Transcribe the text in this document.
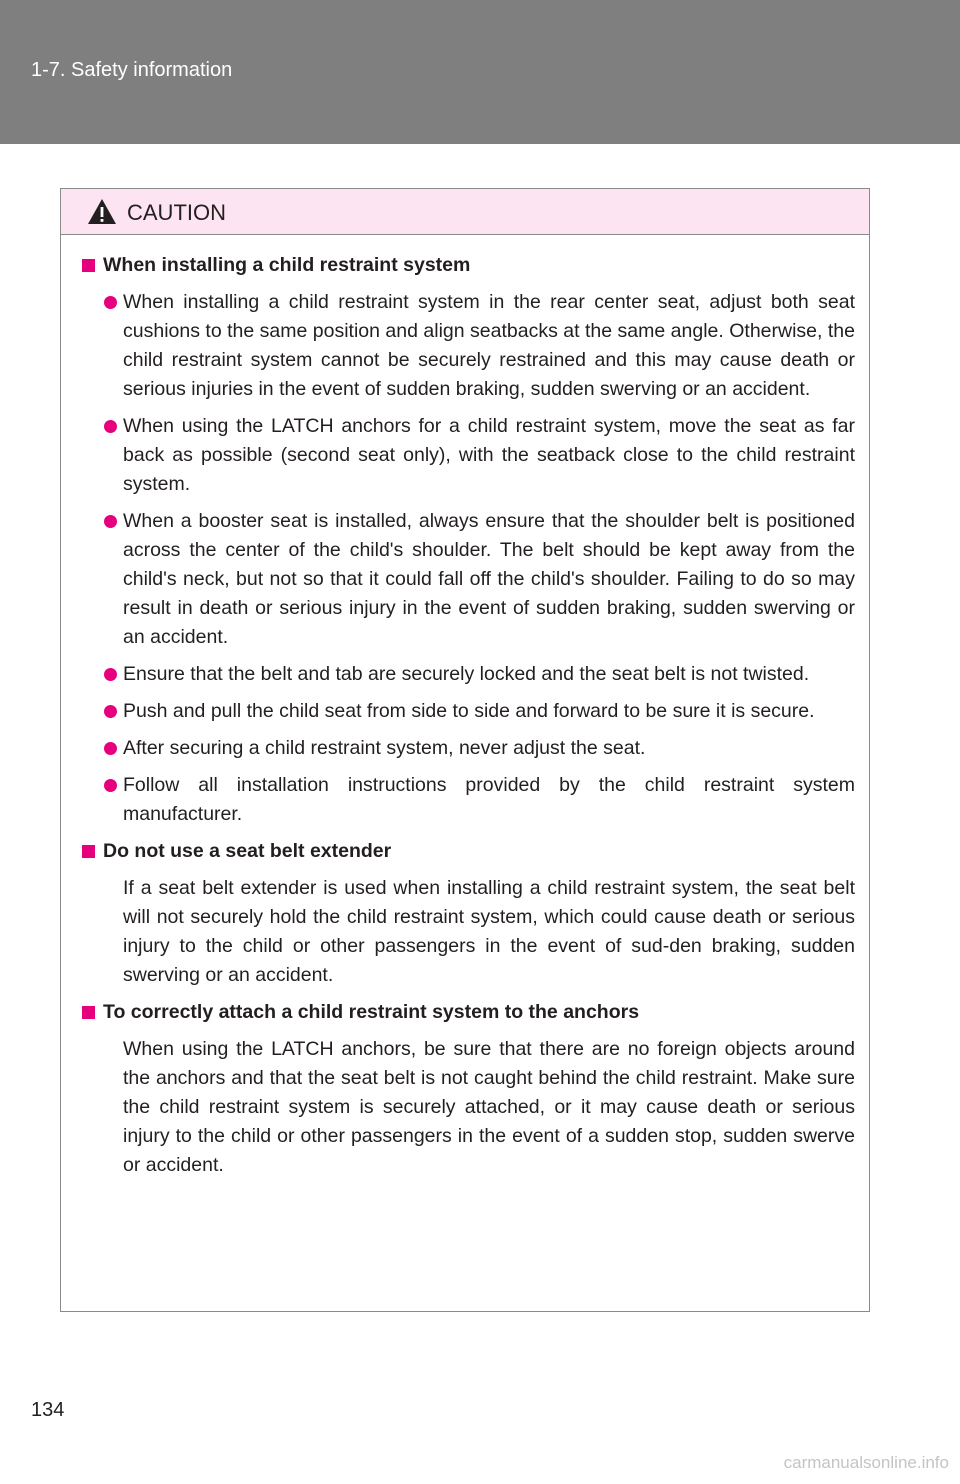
1-7. Safety information
CAUTION
When installing a child restraint system
When installing a child restraint system in the rear center seat, adjust both seat cushions to the same position and align seatbacks at the same angle. Otherwise, the child restraint system cannot be securely restrained and this may cause death or serious injuries in the event of sudden braking, sudden swerving or an accident.
When using the LATCH anchors for a child restraint system, move the seat as far back as possible (second seat only), with the seatback close to the child restraint system.
When a booster seat is installed, always ensure that the shoulder belt is positioned across the center of the child's shoulder. The belt should be kept away from the child's neck, but not so that it could fall off the child's shoulder. Failing to do so may result in death or serious injury in the event of sudden braking, sudden swerving or an accident.
Ensure that the belt and tab are securely locked and the seat belt is not twisted.
Push and pull the child seat from side to side and forward to be sure it is secure.
After securing a child restraint system, never adjust the seat.
Follow all installation instructions provided by the child restraint system manufacturer.
Do not use a seat belt extender
If a seat belt extender is used when installing a child restraint system, the seat belt will not securely hold the child restraint system, which could cause death or serious injury to the child or other passengers in the event of sud-den braking, sudden swerving or an accident.
To correctly attach a child restraint system to the anchors
When using the LATCH anchors, be sure that there are no foreign objects around the anchors and that the seat belt is not caught behind the child restraint. Make sure the child restraint system is securely attached, or it may cause death or serious injury to the child or other passengers in the event of a sudden stop, sudden swerve or accident.
134
carmanualsonline.info
